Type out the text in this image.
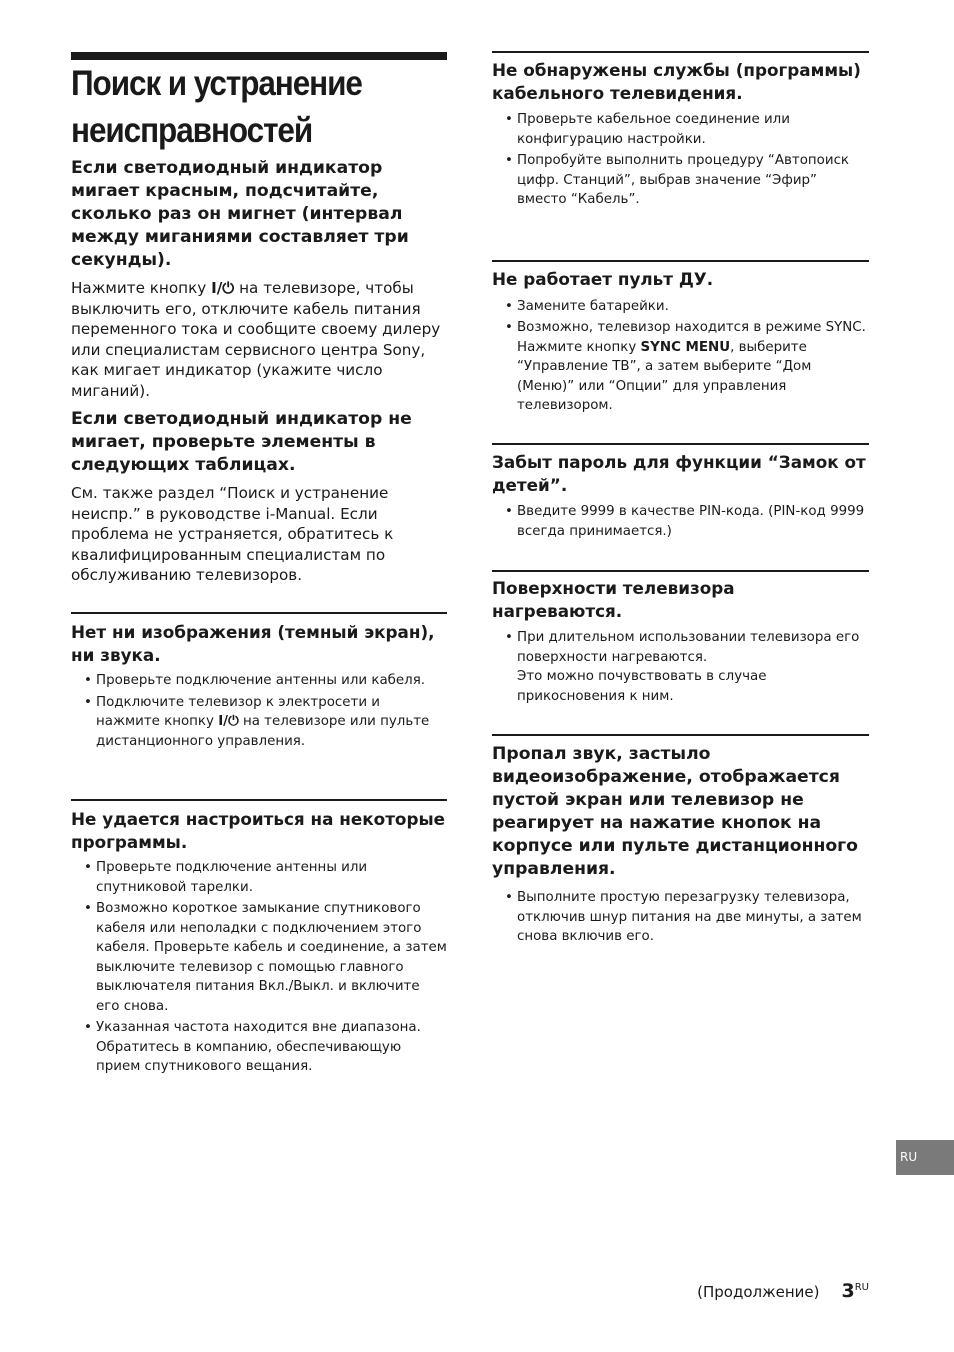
Поиск и устранение
неисправностей

Если светодиодный индикатор мигает красным, подсчитайте, сколько раз он мигнет (интервал между миганиями составляет три секунды).

Нажмите кнопку I/⏻ на телевизоре, чтобы выключить его, отключите кабель питания переменного тока и сообщите своему дилеру или специалистам сервисного центра Sony, как мигает индикатор (укажите число миганий).

Если светодиодный индикатор не мигает, проверьте элементы в следующих таблицах.

См. также раздел “Поиск и устранение неиспр.” в руководстве i-Manual. Если проблема не устраняется, обратитесь к квалифицированным специалистам по обслуживанию телевизоров.

Нет ни изображения (темный экран), ни звука.

• Проверьте подключение антенны или кабеля.
• Подключите телевизор к электросети и нажмите кнопку I/⏻ на телевизоре или пульте дистанционного управления.

Не удается настроиться на некоторые программы.

• Проверьте подключение антенны или спутниковой тарелки.
• Возможно короткое замыкание спутникового кабеля или неполадки с подключением этого кабеля. Проверьте кабель и соединение, а затем выключите телевизор с помощью главного выключателя питания Вкл./Выкл. и включите его снова.
• Указанная частота находится вне диапазона. Обратитесь в компанию, обеспечивающую прием спутникового вещания.

Не обнаружены службы (программы) кабельного телевидения.

• Проверьте кабельное соединение или конфигурацию настройки.
• Попробуйте выполнить процедуру “Автопоиск цифр. Станций”, выбрав значение “Эфир” вместо “Кабель”.

Не работает пульт ДУ.

• Замените батарейки.
• Возможно, телевизор находится в режиме SYNC. Нажмите кнопку SYNC MENU, выберите “Управление ТВ”, а затем выберите “Дом (Меню)” или “Опции” для управления телевизором.

Забыт пароль для функции “Замок от детей”.

• Введите 9999 в качестве PIN-кода. (PIN-код 9999 всегда принимается.)

Поверхности телевизора нагреваются.

• При длительном использовании телевизора его поверхности нагреваются.
Это можно почувствовать в случае прикосновения к ним.

Пропал звук, застыло видеоизображение, отображается пустой экран или телевизор не реагирует на нажатие кнопок на корпусе или пульте дистанционного управления.

• Выполните простую перезагрузку телевизора, отключив шнур питания на две минуты, а затем снова включив его.
RU
(Продолжение) $3^{RU}$
